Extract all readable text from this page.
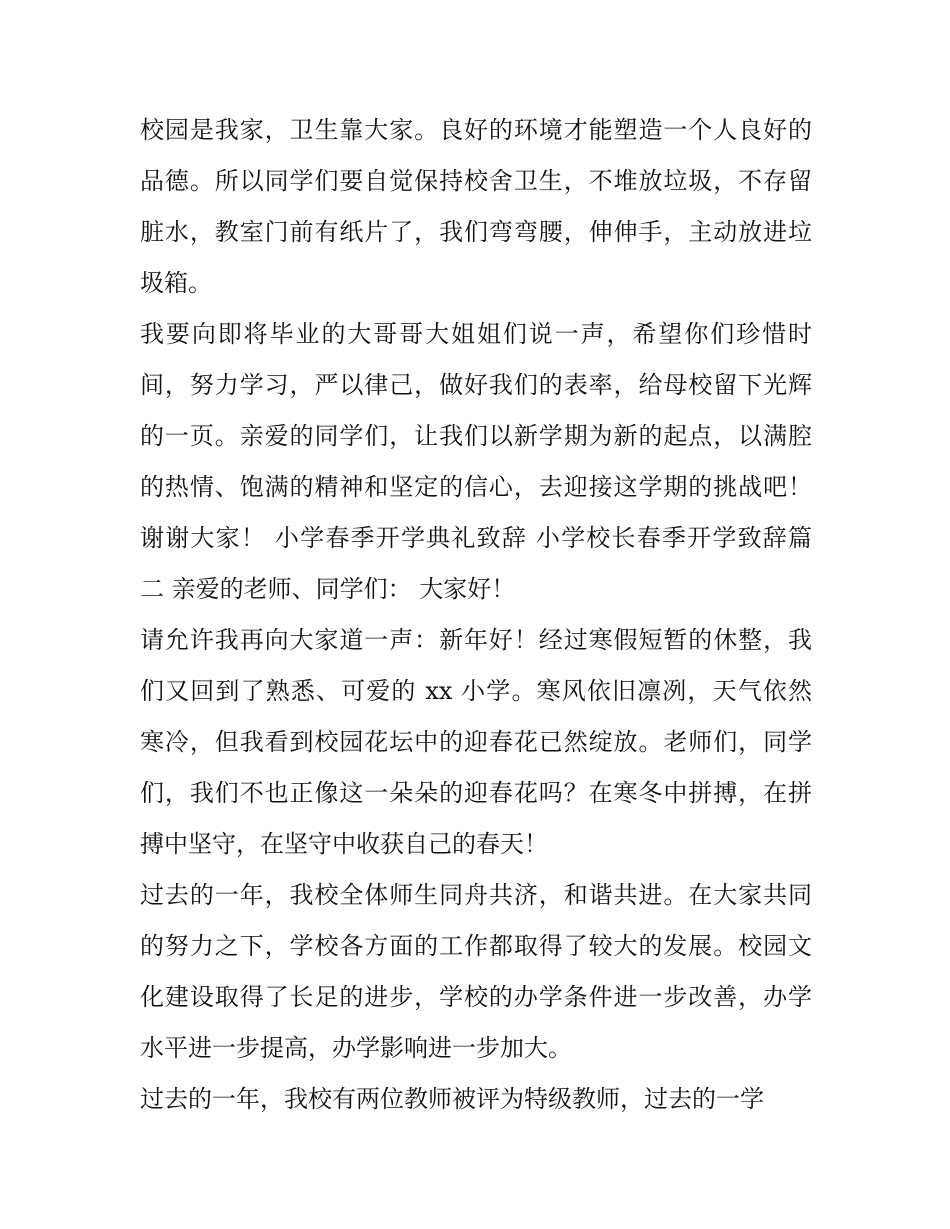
校园是我家，卫生靠大家。良好的环境才能塑造一个人良好的
品德。所以同学们要自觉保持校舍卫生，不堆放垃圾，不存留
脏水，教室门前有纸片了，我们弯弯腰，伸伸手，主动放进垃
圾箱。
我要向即将毕业的大哥哥大姐姐们说一声，希望你们珍惜时
间，努力学习，严以律己，做好我们的表率，给母校留下光辉
的一页。亲爱的同学们，让我们以新学期为新的起点，以满腔
的热情、饱满的精神和坚定的信心，去迎接这学期的挑战吧！
谢谢大家！ 小学春季开学典礼致辞 小学校长春季开学致辞篇
二 亲爱的老师、同学们： 大家好！
请允许我再向大家道一声：新年好！经过寒假短暂的休整，我
们又回到了熟悉、可爱的 xx 小学。寒风依旧凛冽，天气依然
寒冷，但我看到校园花坛中的迎春花已然绽放。老师们，同学
们，我们不也正像这一朵朵的迎春花吗？在寒冬中拼搏，在拼
搏中坚守，在坚守中收获自己的春天！
过去的一年，我校全体师生同舟共济，和谐共进。在大家共同
的努力之下，学校各方面的工作都取得了较大的发展。校园文
化建设取得了长足的进步，学校的办学条件进一步改善，办学
水平进一步提高，办学影响进一步加大。
过去的一年，我校有两位教师被评为特级教师，过去的一学
